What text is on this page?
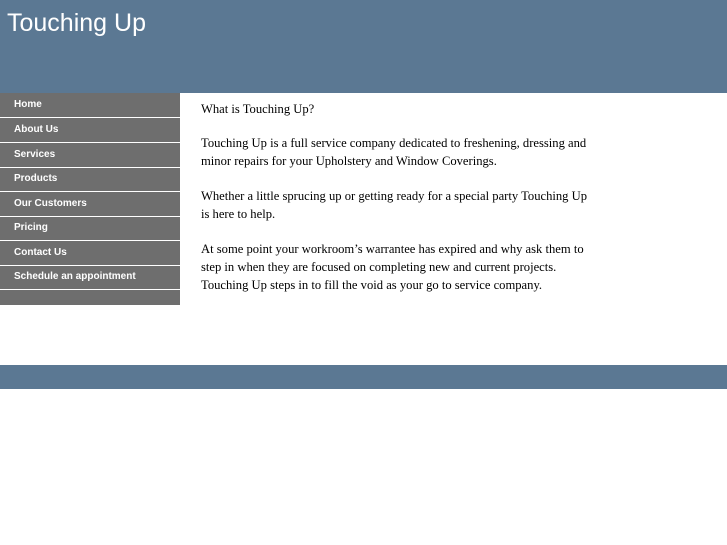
Touching Up
Home
About Us
Services
Products
Our Customers
Pricing
Contact Us
Schedule an appointment

What is Touching Up?

Touching Up is a full service company dedicated to freshening, dressing and minor repairs for your Upholstery and Window Coverings.

Whether a little sprucing up or getting ready for a special party Touching Up is here to help.

At some point your workroom’s warrantee has expired and why ask them to step in when they are focused on completing new and current projects. Touching Up steps in to fill the void as your go to service company.
